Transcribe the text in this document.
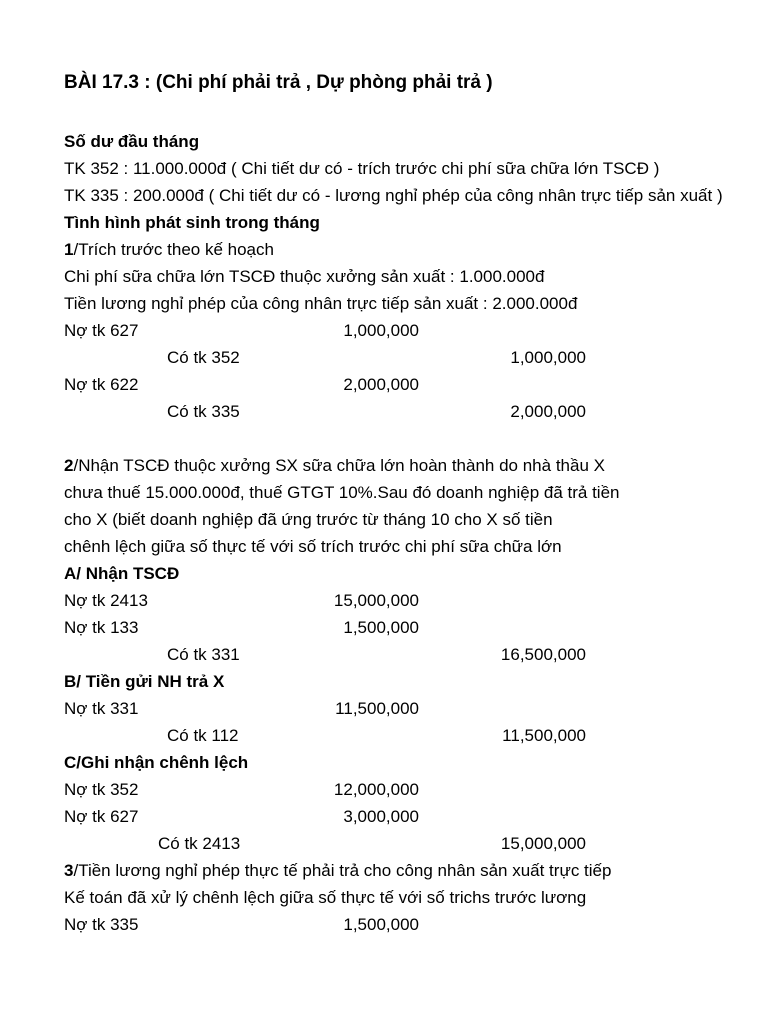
BÀI 17.3 : (Chi phí phải trả , Dự phòng phải trả )
Số dư đầu tháng
TK 352 : 11.000.000đ ( Chi tiết dư có - trích trước chi phí sữa chữa lớn TSCĐ )
TK 335 : 200.000đ ( Chi tiết dư có - lương nghỉ phép của công nhân trực tiếp sản xuất )
Tình hình phát sinh trong tháng
1/Trích trước theo kế hoạch
Chi phí sữa chữa lớn TSCĐ thuộc xưởng sản xuất : 1.000.000đ
Tiền lương nghỉ phép của công nhân trực tiếp sản xuất : 2.000.000đ
Nợ tk 627	1,000,000
Có tk 352	1,000,000
Nợ tk 622	2,000,000
Có tk 335	2,000,000
2/Nhận TSCĐ thuộc xưởng SX sữa chữa lớn hoàn thành do nhà thầu X
chưa thuế 15.000.000đ, thuế GTGT 10%.Sau đó doanh nghiệp đã trả tiền
cho X (biết doanh nghiệp đã ứng trước từ tháng 10 cho X số tiền
chênh lệch giữa số thực tế với số trích trước chi phí sữa chữa lớn
A/ Nhận TSCĐ
Nợ tk 2413	15,000,000
Nợ tk 133	1,500,000
Có tk 331	16,500,000
B/ Tiền gửi NH trả X
Nợ tk 331	11,500,000
Có tk 112	11,500,000
C/Ghi nhận chênh lệch
Nợ tk 352	12,000,000
Nợ tk 627	3,000,000
Có tk 2413	15,000,000
3/Tiền lương nghỉ phép thực tế phải trả cho công nhân sản xuất trực tiếp
Kế toán đã xử lý chênh lệch giữa số thực tế với số trichs trước lương
Nợ tk 335	1,500,000
